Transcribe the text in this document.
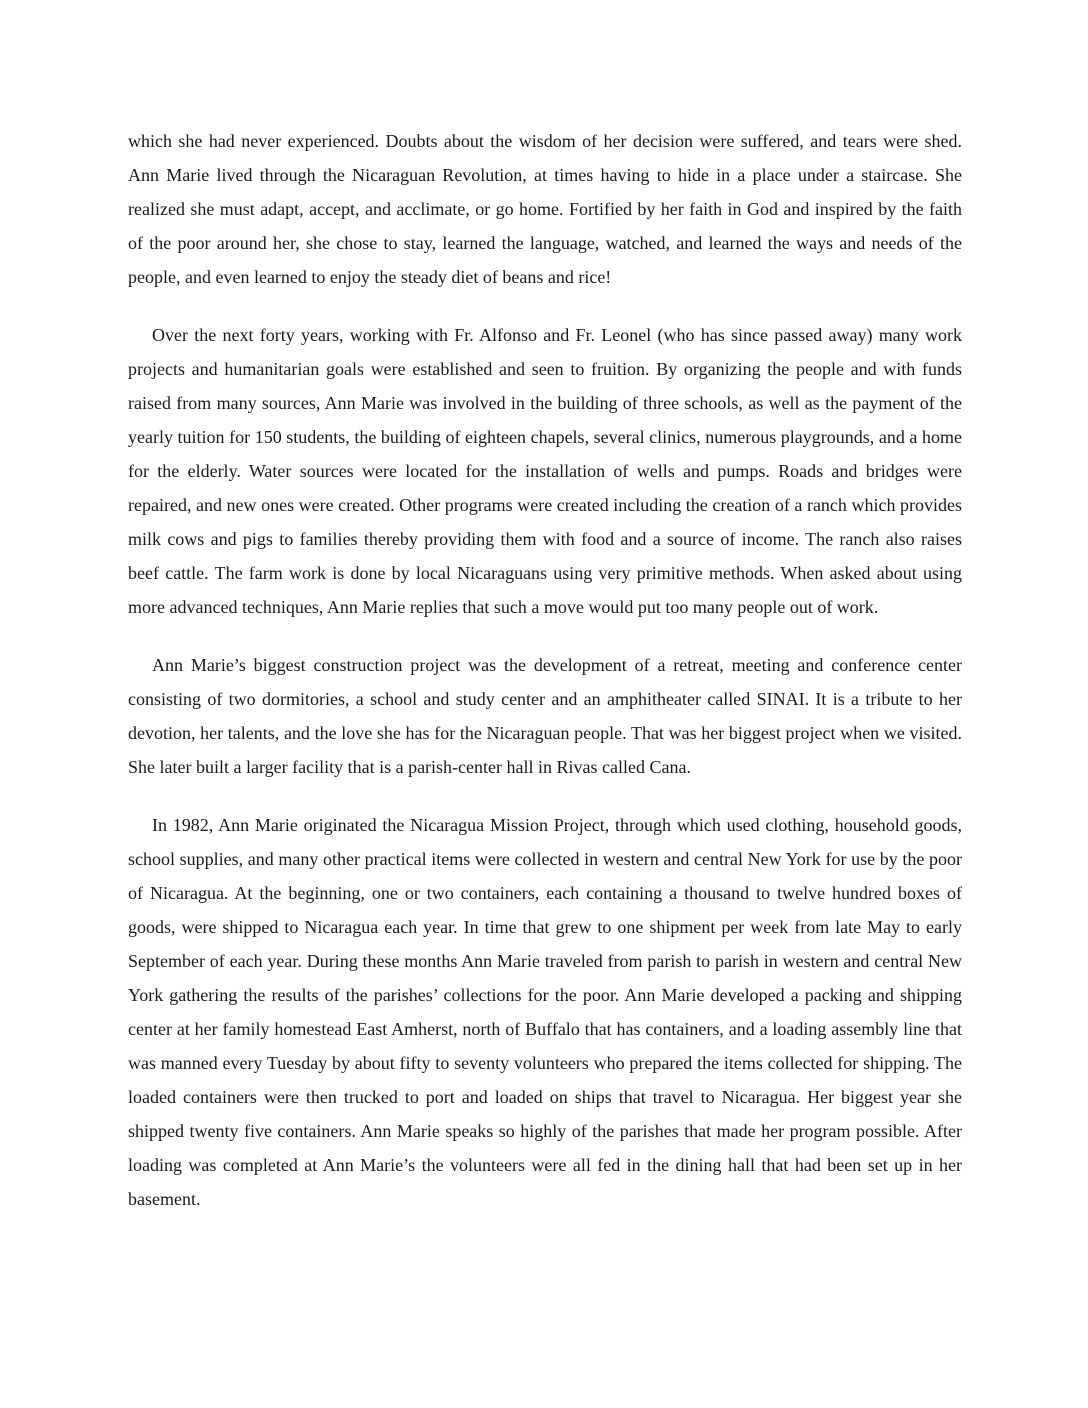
which she had never experienced. Doubts about the wisdom of her decision were suffered, and tears were shed. Ann Marie lived through the Nicaraguan Revolution, at times having to hide in a place under a staircase. She realized she must adapt, accept, and acclimate, or go home. Fortified by her faith in God and inspired by the faith of the poor around her, she chose to stay, learned the language, watched, and learned the ways and needs of the people, and even learned to enjoy the steady diet of beans and rice!

Over the next forty years, working with Fr. Alfonso and Fr. Leonel (who has since passed away) many work projects and humanitarian goals were established and seen to fruition. By organizing the people and with funds raised from many sources, Ann Marie was involved in the building of three schools, as well as the payment of the yearly tuition for 150 students, the building of eighteen chapels, several clinics, numerous playgrounds, and a home for the elderly. Water sources were located for the installation of wells and pumps. Roads and bridges were repaired, and new ones were created. Other programs were created including the creation of a ranch which provides milk cows and pigs to families thereby providing them with food and a source of income. The ranch also raises beef cattle. The farm work is done by local Nicaraguans using very primitive methods. When asked about using more advanced techniques, Ann Marie replies that such a move would put too many people out of work.

Ann Marie’s biggest construction project was the development of a retreat, meeting and conference center consisting of two dormitories, a school and study center and an amphitheater called SINAI. It is a tribute to her devotion, her talents, and the love she has for the Nicaraguan people. That was her biggest project when we visited. She later built a larger facility that is a parish-center hall in Rivas called Cana.

In 1982, Ann Marie originated the Nicaragua Mission Project, through which used clothing, household goods, school supplies, and many other practical items were collected in western and central New York for use by the poor of Nicaragua. At the beginning, one or two containers, each containing a thousand to twelve hundred boxes of goods, were shipped to Nicaragua each year. In time that grew to one shipment per week from late May to early September of each year. During these months Ann Marie traveled from parish to parish in western and central New York gathering the results of the parishes’ collections for the poor. Ann Marie developed a packing and shipping center at her family homestead East Amherst, north of Buffalo that has containers, and a loading assembly line that was manned every Tuesday by about fifty to seventy volunteers who prepared the items collected for shipping. The loaded containers were then trucked to port and loaded on ships that travel to Nicaragua. Her biggest year she shipped twenty five containers. Ann Marie speaks so highly of the parishes that made her program possible. After loading was completed at Ann Marie’s the volunteers were all fed in the dining hall that had been set up in her basement.
